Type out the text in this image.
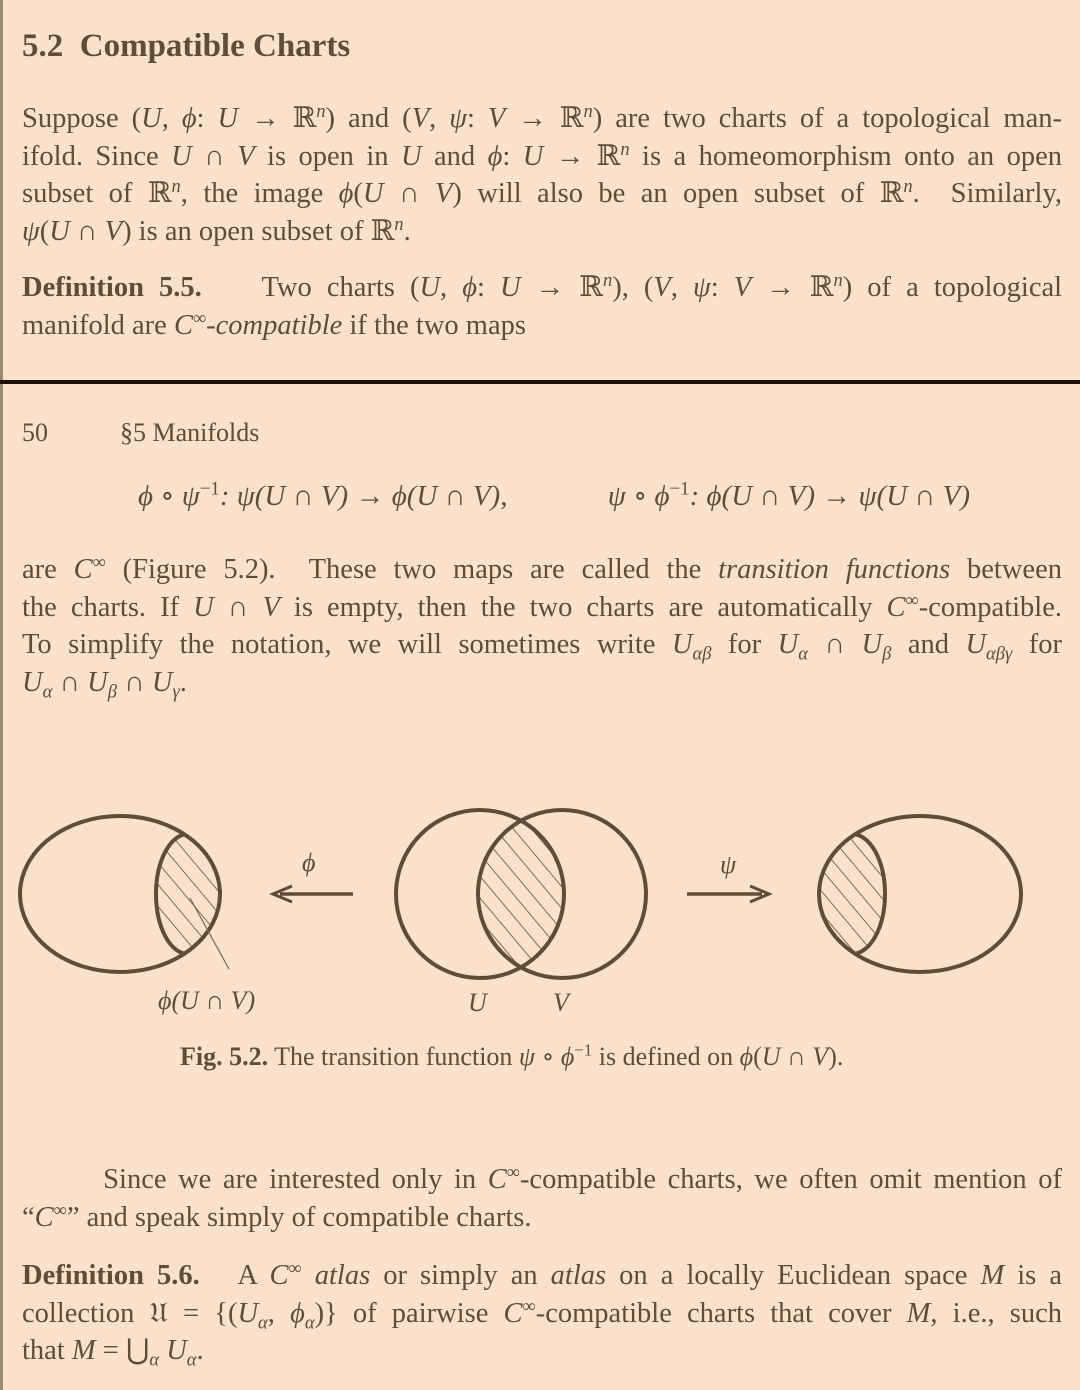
5.2 Compatible Charts
Suppose (U, ϕ: U → ℝ$^n$) and (V, ψ: V → ℝ$^n$) are two charts of a topological man-
ifold. Since U ∩ V is open in U and ϕ: U → ℝ$^n$ is a homeomorphism onto an open
subset of ℝ$^n$, the image ϕ(U ∩ V) will also be an open subset of ℝ$^n$.  Similarly,
ψ(U ∩ V) is an open subset of ℝ$^n$.
Definition 5.5.    Two charts (U, ϕ: U → ℝ$^n$), (V, ψ: V → ℝ$^n$) of a topological
manifold are C∞-compatible if the two maps
50	§5 Manifolds
ϕ ∘ $\psi^{-1}$: ψ(U ∩ V) → ϕ(U ∩ V),	ψ ∘ $\phi^{-1}$: ϕ(U ∩ V) → ψ(U ∩ V)
are C∞ (Figure 5.2).  These two maps are called the transition functions between
the charts. If U ∩ V is empty, then the two charts are automatically C∞-compatible.
To simplify the notation, we will sometimes write $U_{\alpha\beta}$ for $U_\alpha$ ∩ $U_\beta$ and $U_{\alpha\beta\gamma}$ for
$U_\alpha$ ∩ $U_\beta$ ∩ $U_\gamma$.
ϕ	ψ
ϕ(U ∩ V)	U	V
Fig. 5.2. The transition function ψ ∘ $\phi^{-1}$ is defined on ϕ(U ∩ V).
Since we are interested only in C∞-compatible charts, we often omit mention of
“C∞” and speak simply of compatible charts.
Definition 5.6.   A C∞ atlas or simply an atlas on a locally Euclidean space M is a
collection 𝔘 = {($U_\alpha$, $\phi_\alpha$)} of pairwise C∞-compatible charts that cover M, i.e., such
that $M = ⋃_\alpha$ $U_\alpha$.
